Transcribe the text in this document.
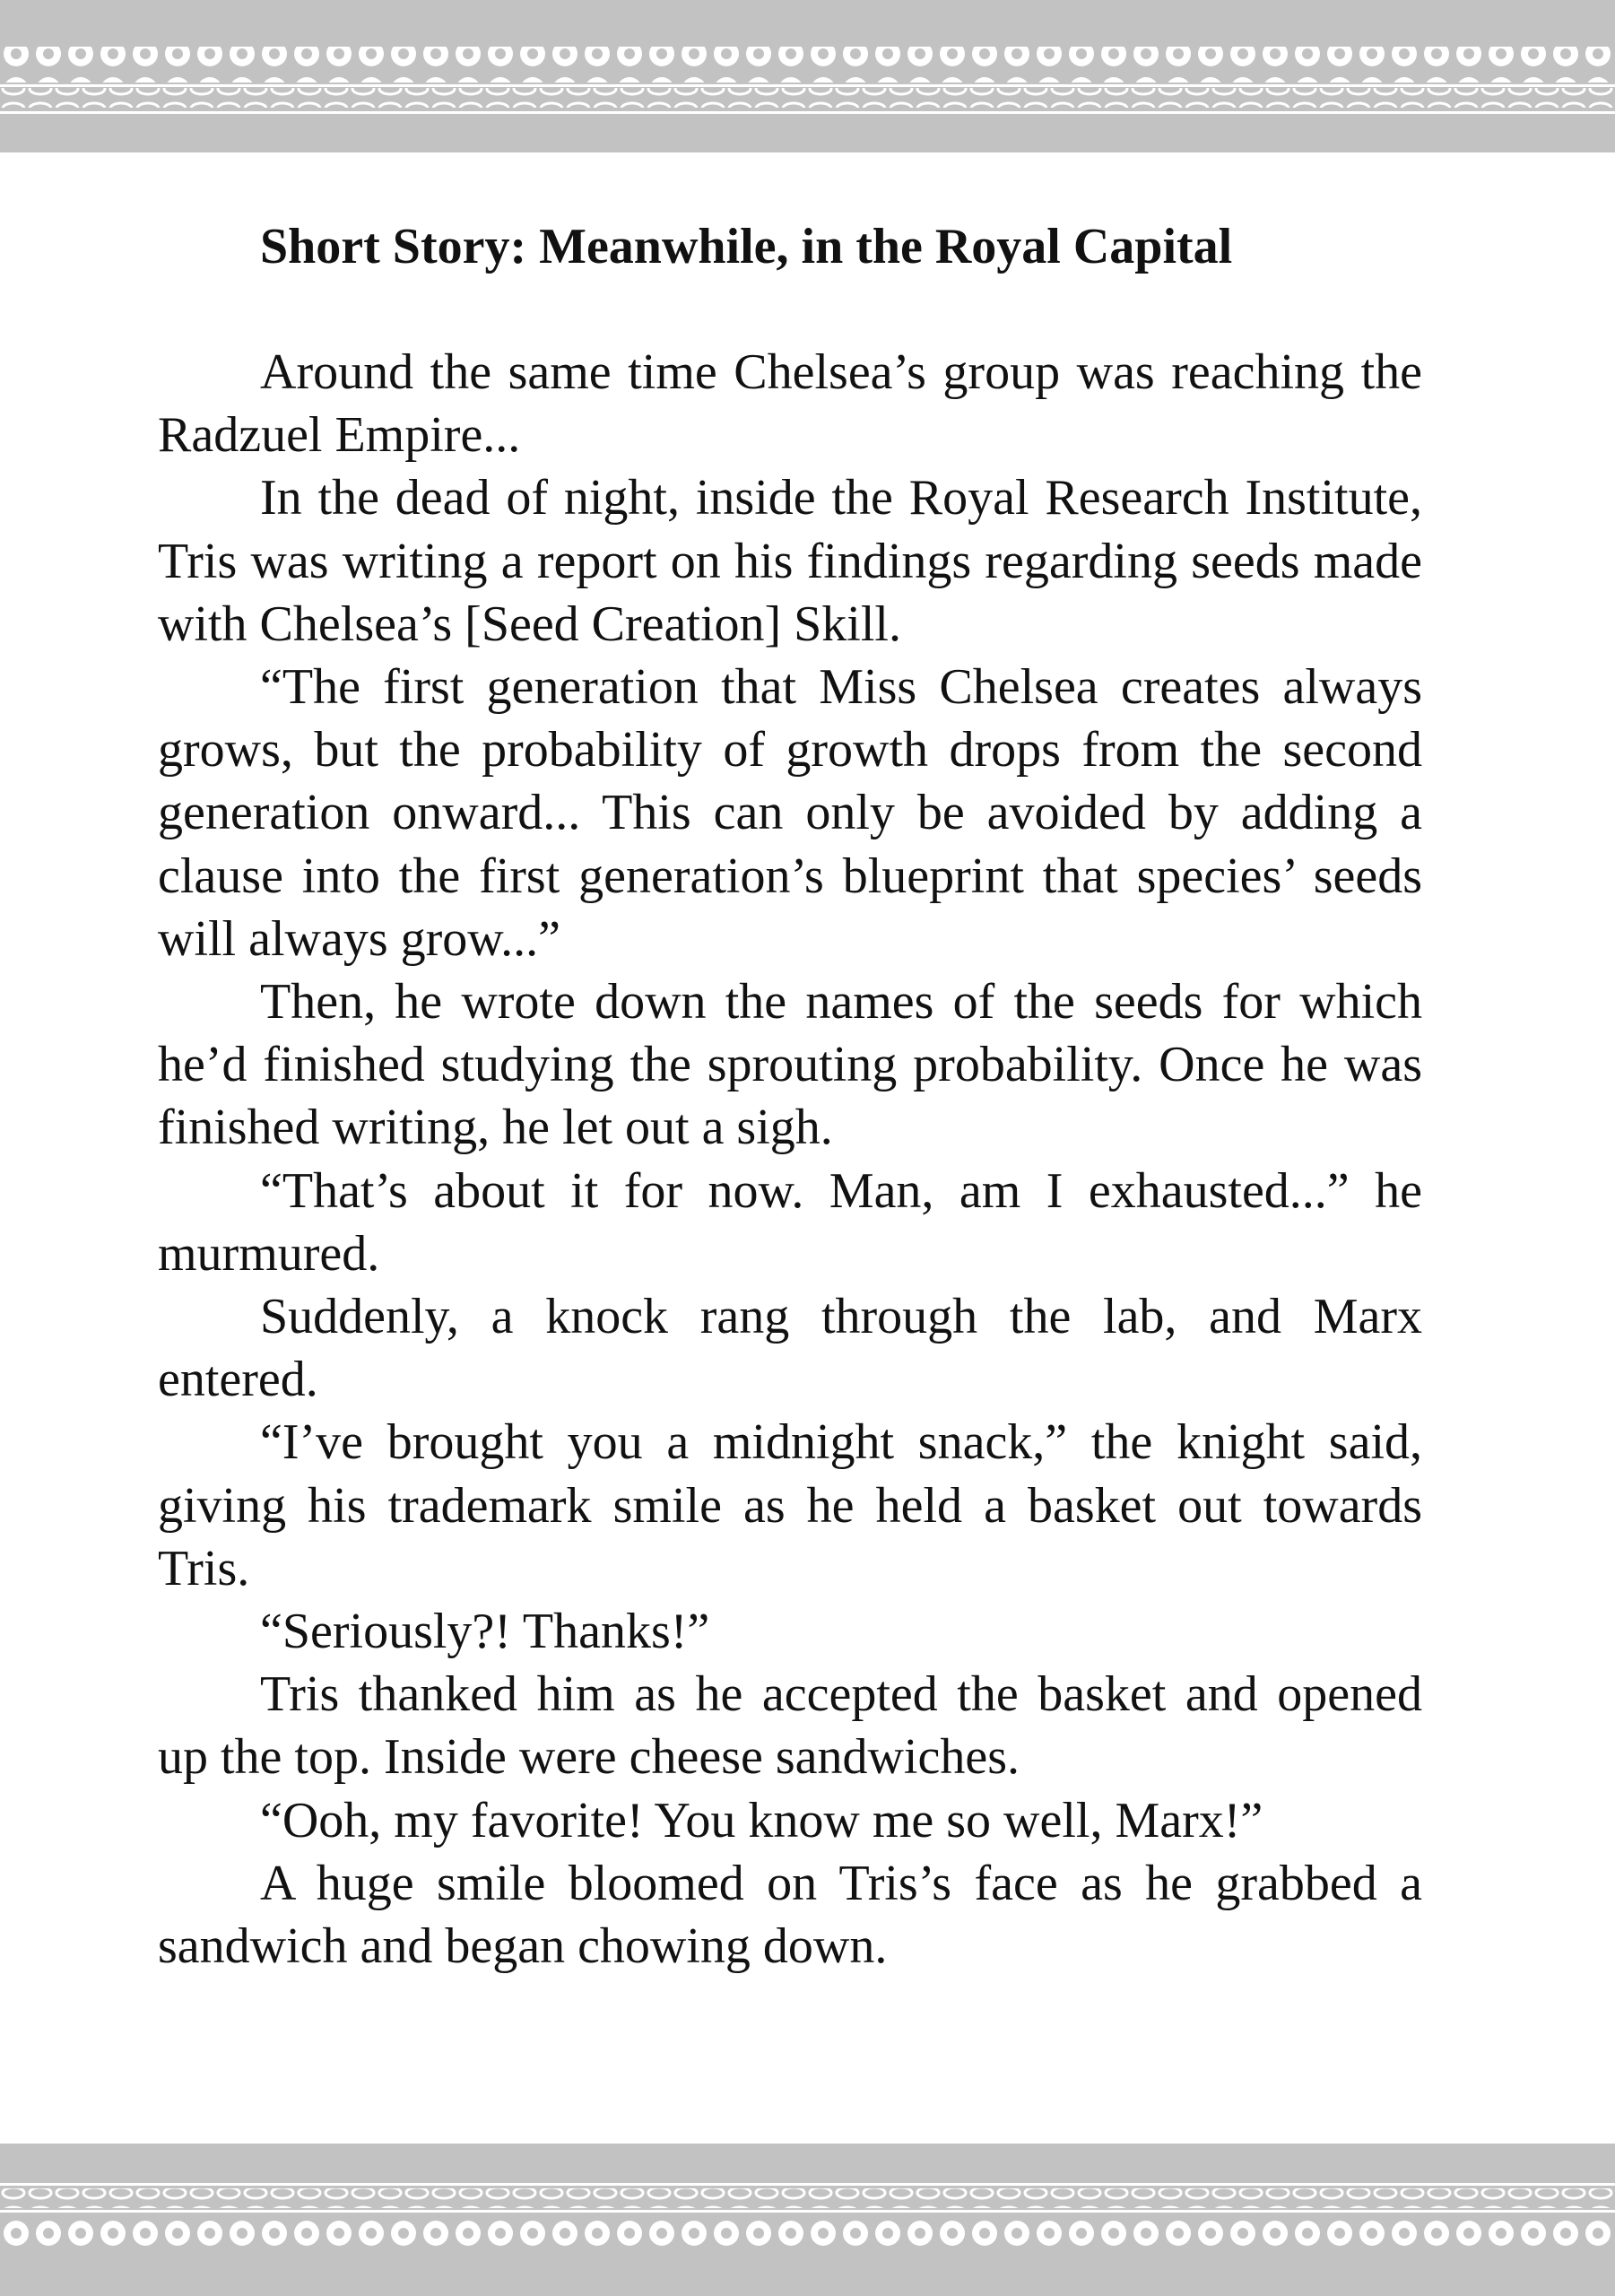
Short Story: Meanwhile, in the Royal Capital

Around the same time Chelsea’s group was reaching the Radzuel Empire...

In the dead of night, inside the Royal Research Institute, Tris was writing a report on his findings regarding seeds made with Chelsea’s [Seed Creation] Skill.

“The first generation that Miss Chelsea creates always grows, but the probability of growth drops from the second generation onward... This can only be avoided by adding a clause into the first generation’s blueprint that species’ seeds will always grow...”

Then, he wrote down the names of the seeds for which he’d finished studying the sprouting probability. Once he was finished writing, he let out a sigh.

“That’s about it for now. Man, am I exhausted...” he murmured.

Suddenly, a knock rang through the lab, and Marx entered.

“I’ve brought you a midnight snack,” the knight said, giving his trademark smile as he held a basket out towards Tris.

“Seriously?! Thanks!”

Tris thanked him as he accepted the basket and opened up the top. Inside were cheese sandwiches.

“Ooh, my favorite! You know me so well, Marx!”

A huge smile bloomed on Tris’s face as he grabbed a sandwich and began chowing down.
